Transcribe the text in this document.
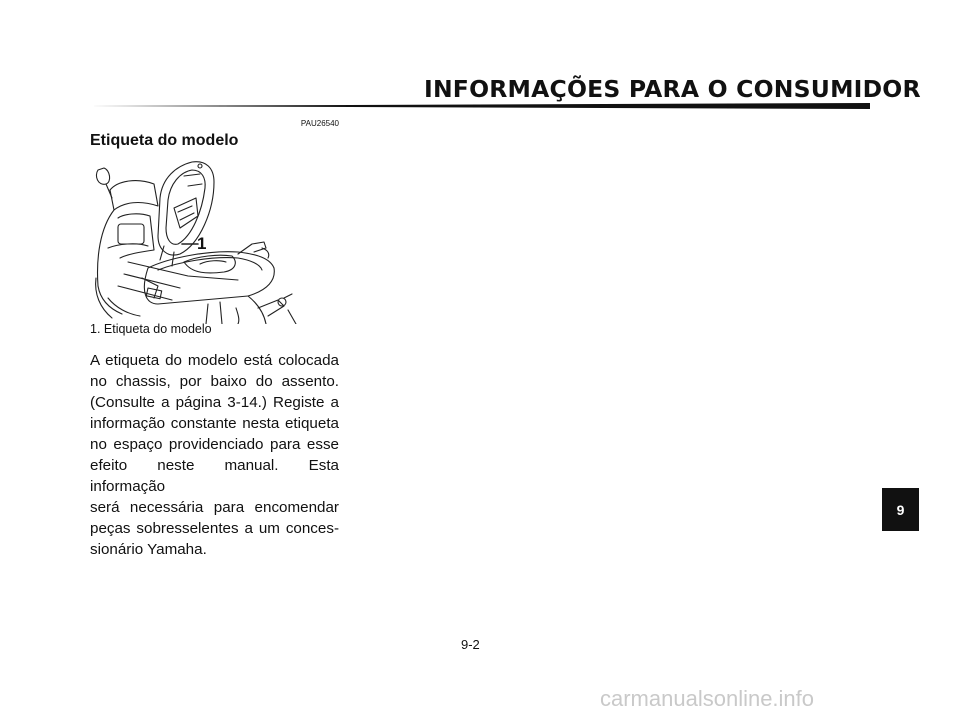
INFORMAÇÕES PARA O CONSUMIDOR
PAU26540
Etiqueta do modelo
1
1. Etiqueta do modelo
A etiqueta do modelo está colocada
no chassis, por baixo do assento.
(Consulte a página 3-14.) Registe a
informação constante nesta etiqueta
no espaço providenciado para esse
efeito neste manual. Esta informação
será necessária para encomendar
peças sobresselentes a um conces-
sionário Yamaha.
9
9-2
carmanualsonline.info
